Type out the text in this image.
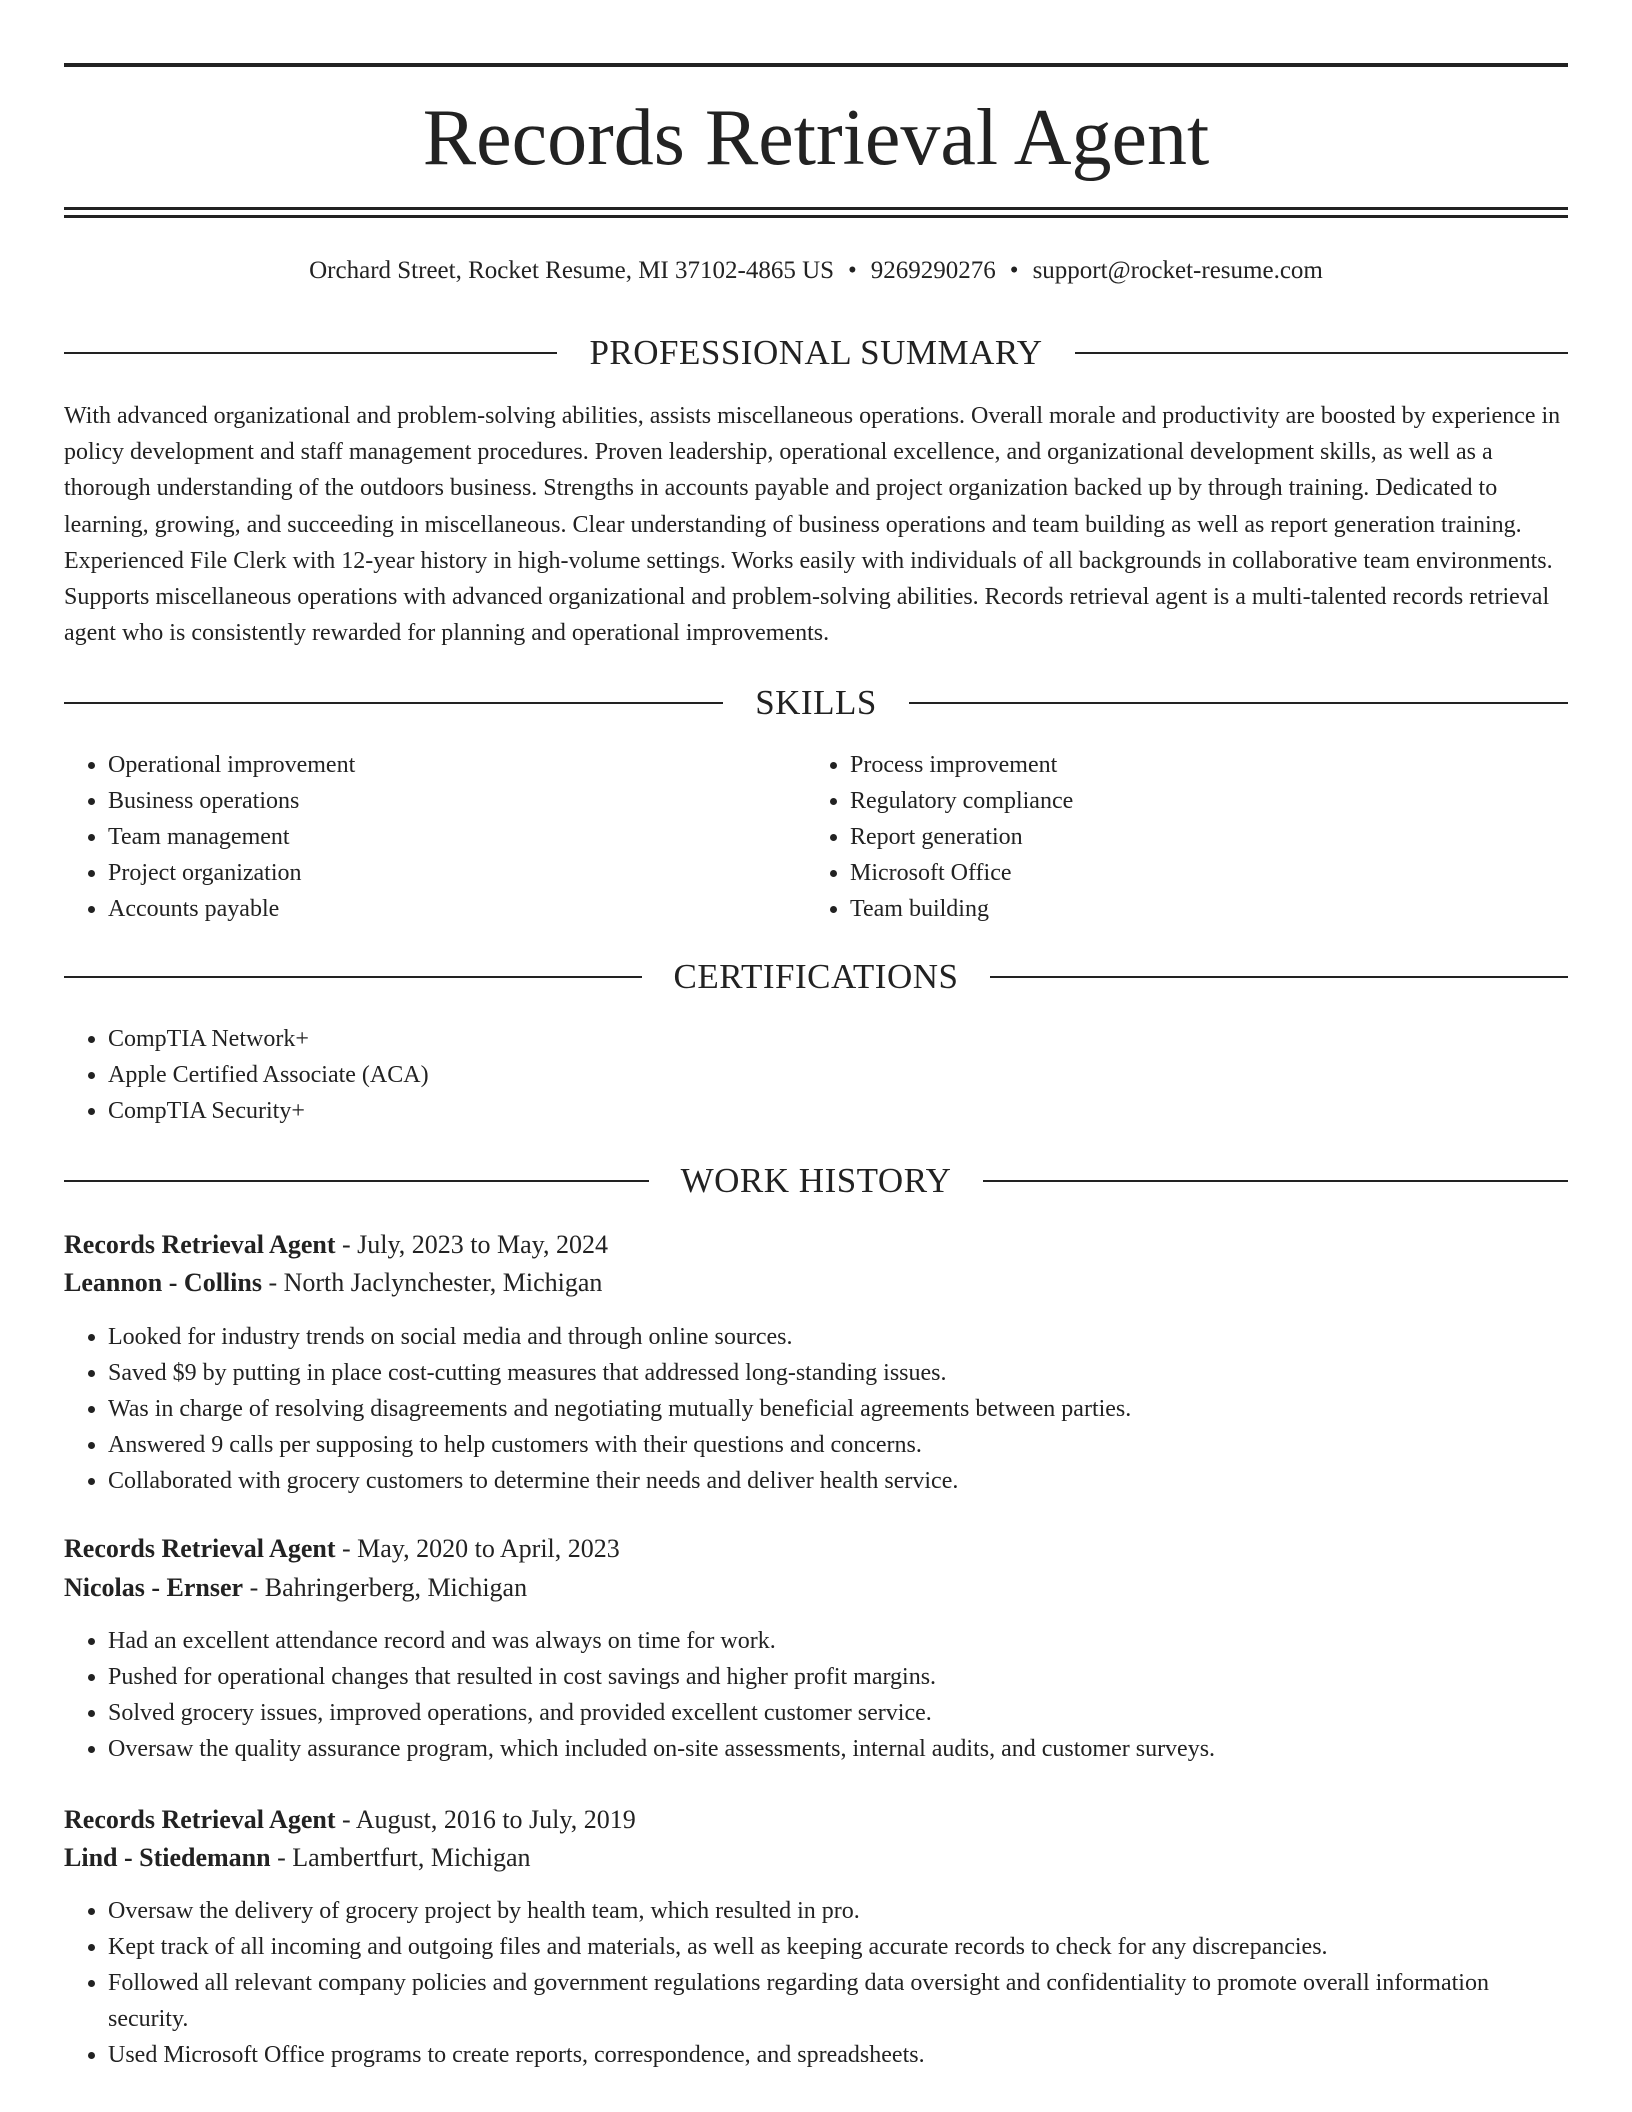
Records Retrieval Agent
Orchard Street, Rocket Resume, MI 37102-4865 US • 9269290276 • support@rocket-resume.com
PROFESSIONAL SUMMARY

With advanced organizational and problem-solving abilities, assists miscellaneous operations. Overall morale and productivity are boosted by experience in policy development and staff management procedures. Proven leadership, operational excellence, and organizational development skills, as well as a thorough understanding of the outdoors business. Strengths in accounts payable and project organization backed up by through training. Dedicated to learning, growing, and succeeding in miscellaneous. Clear understanding of business operations and team building as well as report generation training. Experienced File Clerk with 12-year history in high-volume settings. Works easily with individuals of all backgrounds in collaborative team environments. Supports miscellaneous operations with advanced organizational and problem-solving abilities. Records retrieval agent is a multi-talented records retrieval agent who is consistently rewarded for planning and operational improvements.

SKILLS
• Operational improvement
• Business operations
• Team management
• Project organization
• Accounts payable
• Process improvement
• Regulatory compliance
• Report generation
• Microsoft Office
• Team building
CERTIFICATIONS
• CompTIA Network+
• Apple Certified Associate (ACA)
• CompTIA Security+
WORK HISTORY
Records Retrieval Agent - July, 2023 to May, 2024
Leannon - Collins - North Jaclynchester, Michigan
• Looked for industry trends on social media and through online sources.
• Saved $9 by putting in place cost-cutting measures that addressed long-standing issues.
• Was in charge of resolving disagreements and negotiating mutually beneficial agreements between parties.
• Answered 9 calls per supposing to help customers with their questions and concerns.
• Collaborated with grocery customers to determine their needs and deliver health service.
Records Retrieval Agent - May, 2020 to April, 2023
Nicolas - Ernser - Bahringerberg, Michigan
• Had an excellent attendance record and was always on time for work.
• Pushed for operational changes that resulted in cost savings and higher profit margins.
• Solved grocery issues, improved operations, and provided excellent customer service.
• Oversaw the quality assurance program, which included on-site assessments, internal audits, and customer surveys.
Records Retrieval Agent - August, 2016 to July, 2019
Lind - Stiedemann - Lambertfurt, Michigan
• Oversaw the delivery of grocery project by health team, which resulted in pro.
• Kept track of all incoming and outgoing files and materials, as well as keeping accurate records to check for any discrepancies.
• Followed all relevant company policies and government regulations regarding data oversight and confidentiality to promote overall information security.
• Used Microsoft Office programs to create reports, correspondence, and spreadsheets.
